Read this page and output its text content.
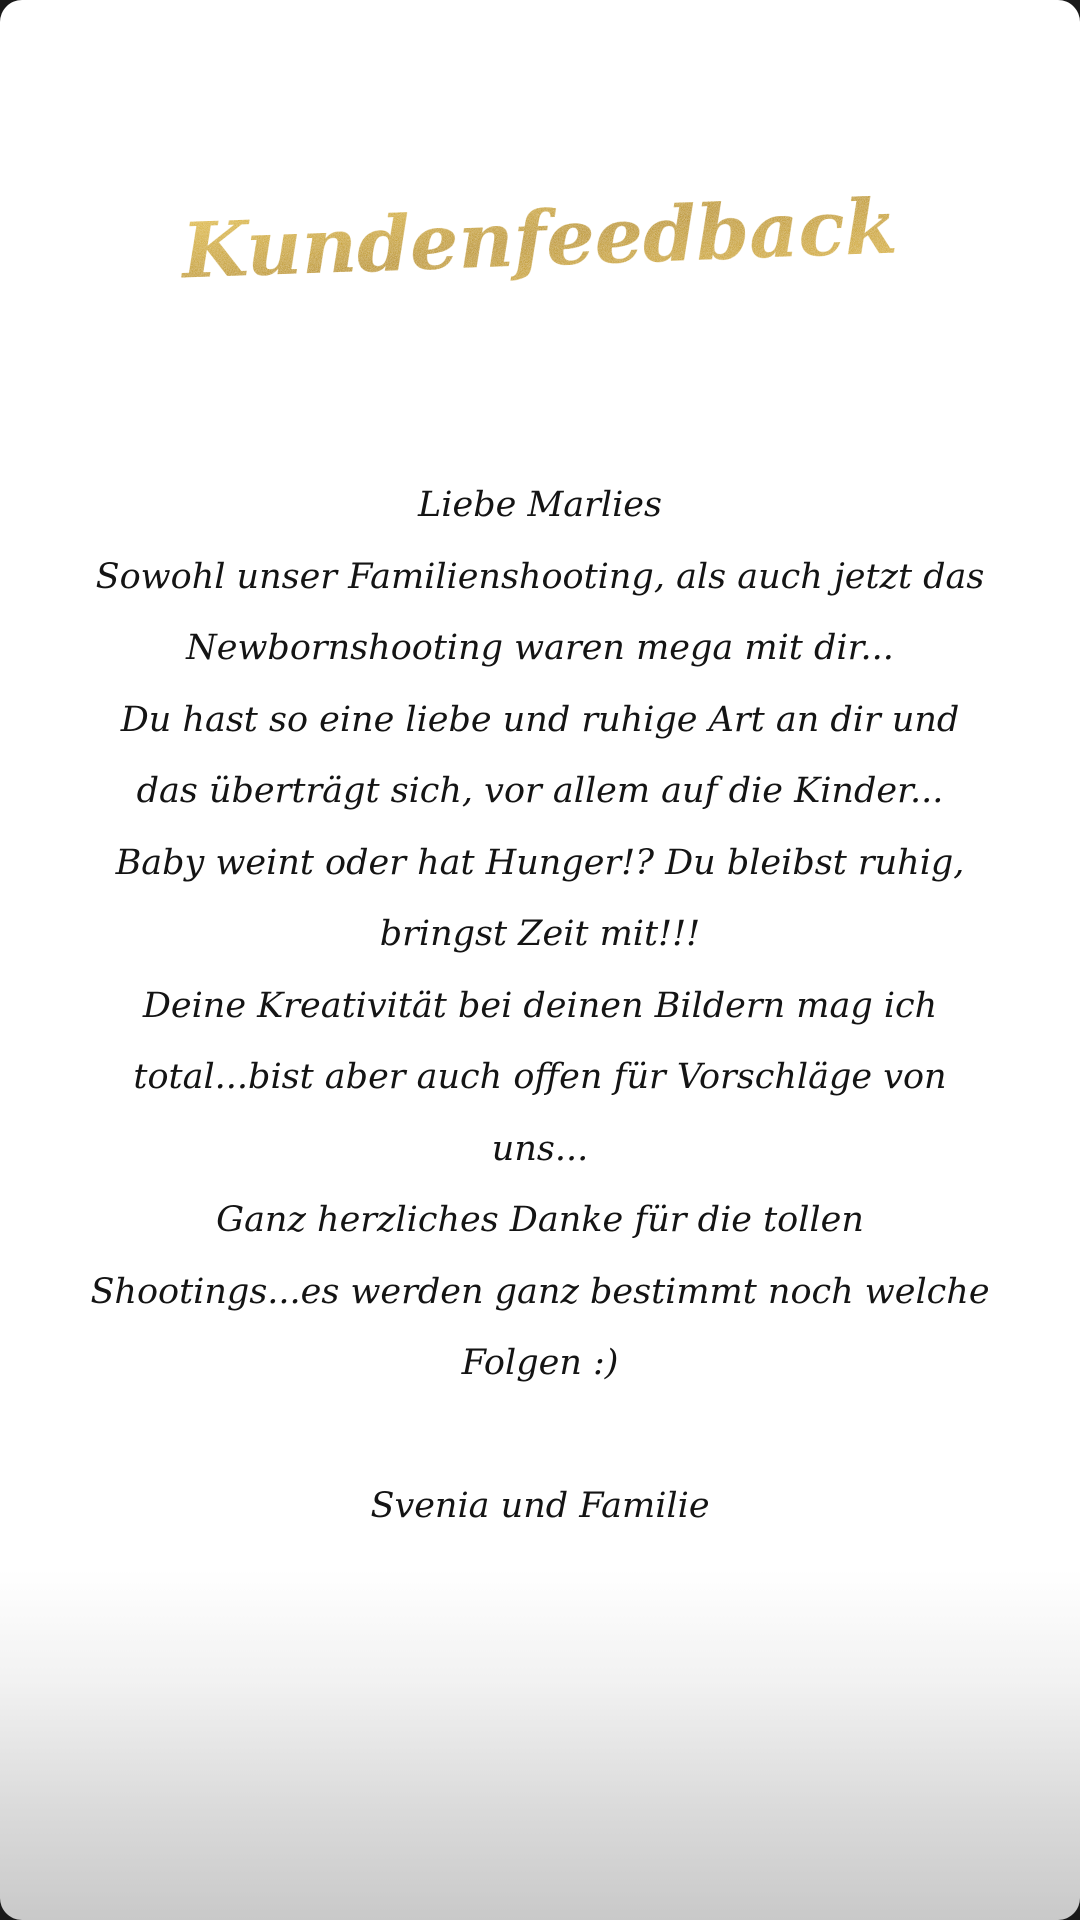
Kundenfeedback

Liebe Marlies
Sowohl unser Familienshooting, als auch jetzt das
Newbornshooting waren mega mit dir...
Du hast so eine liebe und ruhige Art an dir und
das überträgt sich, vor allem auf die Kinder...
Baby weint oder hat Hunger!? Du bleibst ruhig,
bringst Zeit mit!!!
Deine Kreativität bei deinen Bildern mag ich
total...bist aber auch offen für Vorschläge von
uns...
Ganz herzliches Danke für die tollen
Shootings...es werden ganz bestimmt noch welche
Folgen :)
Svenia und Familie
